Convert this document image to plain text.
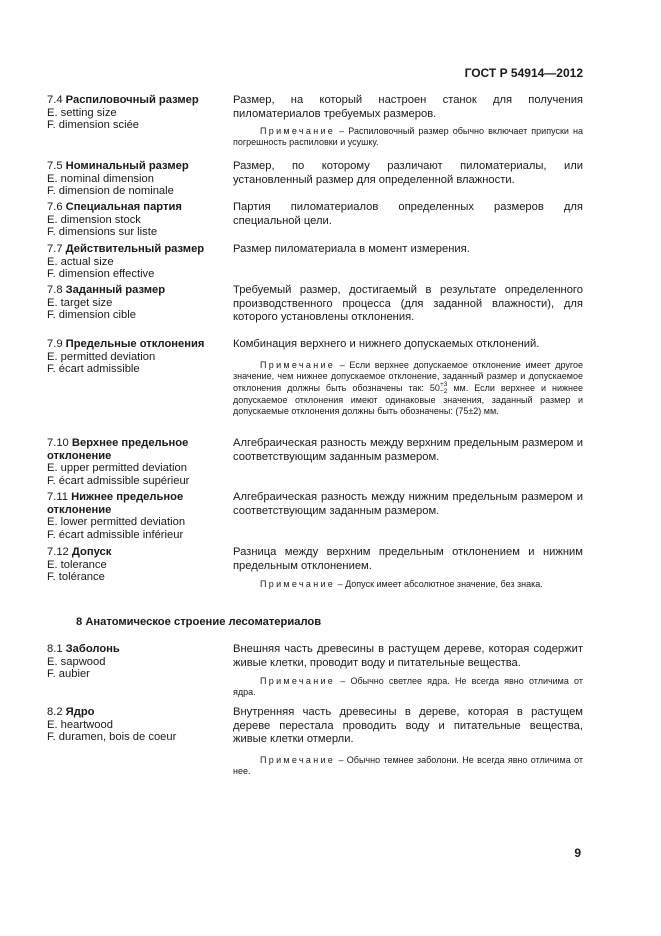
ГОСТ Р 54914—2012
7.4 Распиловочный размер
E. setting size
F. dimension sciée
Размер, на который настроен станок для получения пиломатериалов требуемых размеров.
Примечание – Распиловочный размер обычно включает припуски на погрешность распиловки и усушку.
7.5 Номинальный размер
E. nominal dimension
F. dimension de nominale
Размер, по которому различают пиломатериалы, или установленный размер для определенной влажности.
7.6 Специальная партия
E. dimension stock
F. dimensions sur liste
Партия пиломатериалов определенных размеров для специальной цели.
7.7 Действительный размер
E. actual size
F. dimension effective
Размер пиломатериала в момент измерения.
7.8 Заданный размер
E. target size
F. dimension cible
Требуемый размер, достигаемый в результате определенного производственного процесса (для заданной влажности), для которого установлены отклонения.
7.9 Предельные отклонения
E. permitted deviation
F. écart admissible
Комбинация верхнего и нижнего допускаемых отклонений.
Примечание – Если верхнее допускаемое отклонение имеет другое значение, чем нижнее допускаемое отклонение, заданный размер и допускаемое отклонения должны быть обозначены так: 50 +3
−2 мм. Если верхнее и нижнее допускаемое отклонения имеют одинаковые значения, заданный размер и допускаемые отклонения должны быть обозначены: (75±2) мм.
7.10 Верхнее предельное отклонение
E. upper permitted deviation
F. écart admissible supérieur
Алгебраическая разность между верхним предельным размером и соответствующим заданным размером.
7.11 Нижнее предельное отклонение
E. lower permitted deviation
F. écart admissible inférieur
Алгебраическая разность между нижним предельным размером и соответствующим заданным размером.
7.12 Допуск
E. tolerance
F. tolérance
Разница между верхним предельным отклонением и нижним предельным отклонением.
Примечание – Допуск имеет абсолютное значение, без знака.
8 Анатомическое строение лесоматериалов
8.1 Заболонь
E. sapwood
F. aubier
Внешняя часть древесины в растущем дереве, которая содержит живые клетки, проводит воду и питательные вещества.
Примечание – Обычно светлее ядра. Не всегда явно отличима от ядра.
8.2 Ядро
E. heartwood
F. duramen, bois de coeur
Внутренняя часть древесины в дереве, которая в растущем дереве перестала проводить воду и питательные вещества, живые клетки отмерли.
Примечание – Обычно темнее заболони. Не всегда явно отличима от нее.
9
